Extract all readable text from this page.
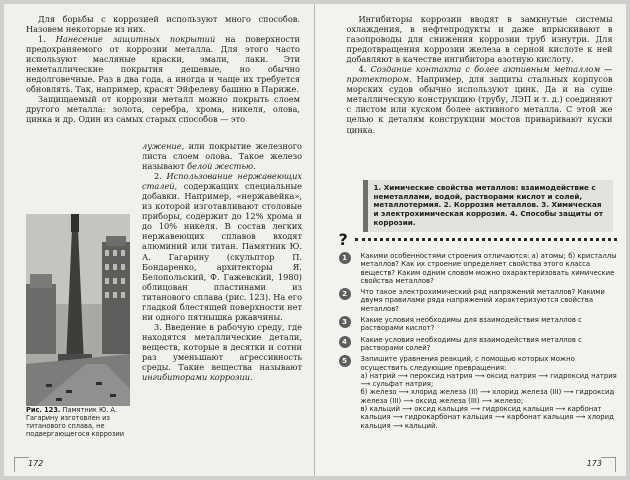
Для борьбы с коррозией используют много способов. Назовем некоторые из них.

1. Нанесение защитных покрытий на поверхности предохраняемого от коррозии металла. Для этого часто используют масляные краски, эмали, лаки. Эти неметаллические покрытия дешевые, но обычно недолговечные. Раз в два года, а иногда и чаще их требуется обновлять. Так, например, красят Эйфелеву башню в Париже.

Защищаемый от коррозии металл можно покрыть слоем другого металла: золота, серебра, хрома, никеля, олова, цинка и др. Один из самых старых способов — это

Рис. 123. Памятник Ю. А. Гагарину изготовлен из титанового сплава, не подвергающегося коррозии

лужение, или покрытие железного листа слоем олова. Такое железо называют белой жестью.

2. Использование нержавеющих сталей, содержащих специальные добавки. Например, «нержавейка», из которой изготавливают столовые приборы, содержит до 12% хрома и до 10% никеля. В состав легких нержавеющих сплавов входят алюминий или титан. Памятник Ю. А. Гагарину (скульптор П. Бондаренко, архитекторы Я. Белопольский, Ф. Гажевский, 1980) облицован пластинами из титанового сплава (рис. 123). На его гладкой блестящей поверхности нет ни одного пятнышка ржавчины.

3. Введение в рабочую среду, где находятся металлические детали, веществ, которые в десятки и сотни раз уменьшают агрессивность среды. Такие вещества называют ингибиторами коррозии.

172

Ингибиторы коррозии вводят в замкнутые системы охлаждения, в нефтепродукты и даже впрыскивают в газопроводы для снижения коррозии труб изнутри. Для предотвращения коррозии железа в серной кислоте к ней добавляют в качестве ингибитора азотную кислоту.

4. Создание контакта с более активным металлом — протектором. Например, для защиты стальных корпусов морских судов обычно используют цинк. Да и на суше металлическую конструкцию (трубу, ЛЭП и т. д.) соединяют с листом или куском более активного металла. С этой же целью к деталям конструкции мостов приваривают куски цинка.

1. Химические свойства металлов: взаимодействие с неметаллами, водой, растворами кислот и солей, металлотермия. 2. Коррозия металлов. 3. Химическая и электрохимическая коррозия. 4. Способы защиты от коррозии.
?
1	Какими особенностями строения отличаются: а) атомы; б) кристаллы металлов? Как их строение определяет свойства этого класса веществ? Каким одним словом можно охарактеризовать химические свойства металлов?
2	Что такое электрохимический ряд напряжений металлов? Какими двумя правилами ряда напряжений характеризуются свойства металлов?
3	Какие условия необходимы для взаимодействия металлов с растворами кислот?
4	Какие условия необходимы для взаимодействия металлов с растворами солей?
5	Запишите уравнения реакций, с помощью которых можно осуществить следующие превращения:
а) натрий ⟶ пероксид натрия ⟶ оксид натрия ⟶ гидроксид натрия ⟶ сульфат натрия;
б) железо ⟶ хлорид железа (II) ⟶ хлорид железа (III) ⟶ гидроксид железа (III) ⟶ оксид железа (III) ⟶ железо;
в) кальций ⟶ оксид кальция ⟶ гидроксид кальция ⟶ карбонат кальция ⟶ гидрокарбонат кальция ⟶ карбонат кальция ⟶ хлорид кальция ⟶ кальций.
173
